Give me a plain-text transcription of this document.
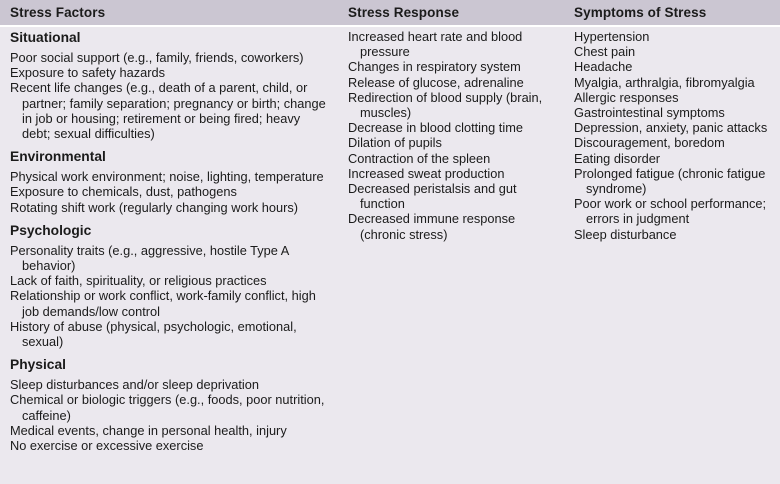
Stress Factors	Stress Response	Symptoms of Stress
Situational
Poor social support (e.g., family, friends, coworkers)
Exposure to safety hazards
Recent life changes (e.g., death of a parent, child, or partner; family separation; pregnancy or birth; change in job or housing; retirement or being fired; heavy debt; sexual difficulties)
Environmental
Physical work environment; noise, lighting, temperature
Exposure to chemicals, dust, pathogens
Rotating shift work (regularly changing work hours)
Psychologic
Personality traits (e.g., aggressive, hostile Type A behavior)
Lack of faith, spirituality, or religious practices
Relationship or work conflict, work-family conflict, high job demands/low control
History of abuse (physical, psychologic, emotional, sexual)
Physical
Sleep disturbances and/or sleep deprivation
Chemical or biologic triggers (e.g., foods, poor nutrition, caffeine)
Medical events, change in personal health, injury
No exercise or excessive exercise
Increased heart rate and blood pressure
Changes in respiratory system
Release of glucose, adrenaline
Redirection of blood supply (brain, muscles)
Decrease in blood clotting time
Dilation of pupils
Contraction of the spleen
Increased sweat production
Decreased peristalsis and gut function
Decreased immune response (chronic stress)
Hypertension
Chest pain
Headache
Myalgia, arthralgia, fibromyalgia
Allergic responses
Gastrointestinal symptoms
Depression, anxiety, panic attacks
Discouragement, boredom
Eating disorder
Prolonged fatigue (chronic fatigue syndrome)
Poor work or school performance; errors in judgment
Sleep disturbance
